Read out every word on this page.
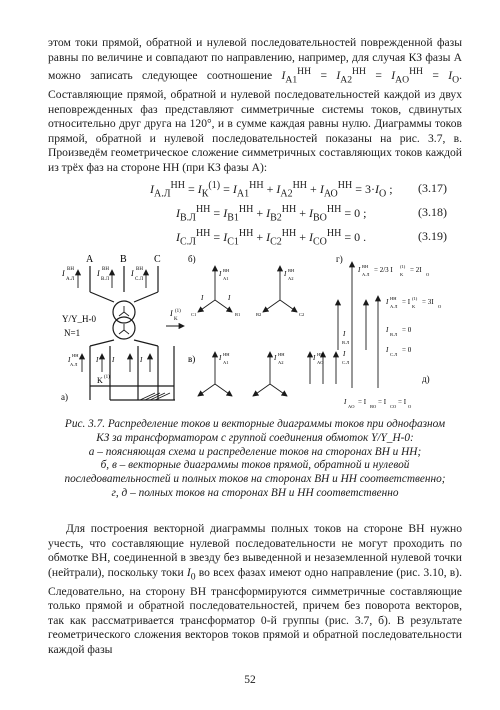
этом токи прямой, обратной и нулевой последовательностей поврежденной фазы равны по величине и совпадают по направлению, например, для случая КЗ фазы А можно записать следующее соотношение $I_{A1}^{НН} = I_{A2}^{НН} = I_{AO}^{НН} = I_O$. Составляющие прямой, обратной и нулевой последовательностей каждой из двух неповрежденных фаз представляют симметричные системы токов, сдвинутых относительно друг друга на 120°, и в сумме каждая равны нулю. Диаграммы токов прямой, обратной и нулевой последовательностей показаны на рис. 3.7, в. Произведём геометрическое сложение симметричных составляющих токов каждой из трёх фаз на стороне НН (при КЗ фазы А):

$I_{А.Л}^{НН} = I_К^{(1)} = I_{А1}^{НН} + I_{А2}^{НН} + I_{АО}^{НН} = 3\cdot I_О$ ; (3.17)
$I_{В.Л}^{НН} = I_{В1}^{НН} + I_{В2}^{НН} + I_{ВО}^{НН} = 0$ ;	(3.18)
$I_{С.Л}^{НН} = I_{С1}^{НН} + I_{С2}^{НН} + I_{СО}^{НН} = 0$ .	(3.19)
A	B	C
I ВН
А.Л
I ВН
В.Л
I ВН
С.Л
Y/Y_Н-0
N=1
I (1)
K
I
НН
А.Л
I I	I
K (1)
а)
б)
I ВН
A1
I
C1
I
B1
I ВН
A2
B2	C2
в)	I НН
A1
I НН
A2
I НН
AO
г)
I ВН
А.Л
= 2/3 I (1)
K
= 2I
O
I
В.Л
I
С.Л
I НН
А.Л
= I (1)
K
= 3I
O
I
В.Л
= 0
I
С.Л
= 0
д)
I
AO
= I
ВО
= I
СО
= I
O
Рис. 3.7. Распределение токов и векторные диаграммы токов при однофазном
КЗ за трансформатором с группой соединения обмоток Y/Y_Н-0:
а – поясняющая схема и распределение токов на сторонах ВН и НН;
б, в – векторные диаграммы токов прямой, обратной и нулевой
последовательностей и полных токов на сторонах ВН и НН соответственно;
г, д – полных токов на сторонах ВН и НН соответственно

Для построения векторной диаграммы полных токов на стороне ВН нужно учесть, что составляющие нулевой последовательности не могут проходить по обмотке ВН, соединенной в звезду без выведенной и незаземленной нулевой точки (нейтрали), поскольку токи $I_0$ во всех фазах имеют одно направление (рис. 3.10, в). Следовательно, на сторону ВН трансформируются симметричные составляющие только прямой и обратной последовательностей, причем без поворота векторов, так как рассматривается трансформатор 0-й группы (рис. 3.7, б). В результате геометрического сложения векторов токов прямой и обратной последовательности каждой фазы

52
